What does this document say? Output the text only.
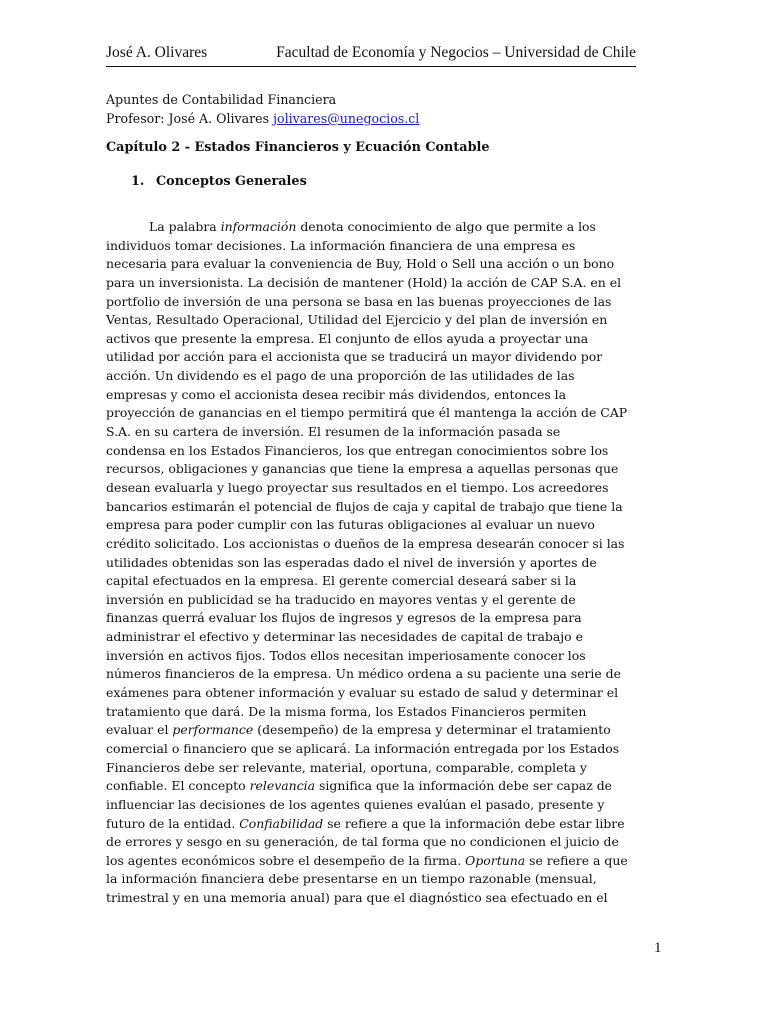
José A. Olivares	Facultad de Economía y Negocios – Universidad de Chile
Apuntes de Contabilidad Financiera
Profesor: José A. Olivares jolivares@unegocios.cl
Capítulo 2 - Estados Financieros y Ecuación Contable
1. Conceptos Generales
La palabra información denota conocimiento de algo que permite a los
individuos tomar decisiones. La información financiera de una empresa es
necesaria para evaluar la conveniencia de Buy, Hold o Sell una acción o un bono
para un inversionista. La decisión de mantener (Hold) la acción de CAP S.A. en el
portfolio de inversión de una persona se basa en las buenas proyecciones de las
Ventas, Resultado Operacional, Utilidad del Ejercicio y del plan de inversión en
activos que presente la empresa. El conjunto de ellos ayuda a proyectar una
utilidad por acción para el accionista que se traducirá un mayor dividendo por
acción. Un dividendo es el pago de una proporción de las utilidades de las
empresas y como el accionista desea recibir más dividendos, entonces la
proyección de ganancias en el tiempo permitirá que él mantenga la acción de CAP
S.A. en su cartera de inversión. El resumen de la información pasada se
condensa en los Estados Financieros, los que entregan conocimientos sobre los
recursos, obligaciones y ganancias que tiene la empresa a aquellas personas que
desean evaluarla y luego proyectar sus resultados en el tiempo. Los acreedores
bancarios estimarán el potencial de flujos de caja y capital de trabajo que tiene la
empresa para poder cumplir con las futuras obligaciones al evaluar un nuevo
crédito solicitado. Los accionistas o dueños de la empresa desearán conocer si las
utilidades obtenidas son las esperadas dado el nivel de inversión y aportes de
capital efectuados en la empresa. El gerente comercial deseará saber si la
inversión en publicidad se ha traducido en mayores ventas y el gerente de
finanzas querrá evaluar los flujos de ingresos y egresos de la empresa para
administrar el efectivo y determinar las necesidades de capital de trabajo e
inversión en activos fijos. Todos ellos necesitan imperiosamente conocer los
números financieros de la empresa. Un médico ordena a su paciente una serie de
exámenes para obtener información y evaluar su estado de salud y determinar el
tratamiento que dará. De la misma forma, los Estados Financieros permiten
evaluar el performance (desempeño) de la empresa y determinar el tratamiento
comercial o financiero que se aplicará. La información entregada por los Estados
Financieros debe ser relevante, material, oportuna, comparable, completa y
confiable. El concepto relevancia significa que la información debe ser capaz de
influenciar las decisiones de los agentes quienes evalúan el pasado, presente y
futuro de la entidad. Confiabilidad se refiere a que la información debe estar libre
de errores y sesgo en su generación, de tal forma que no condicionen el juicio de
los agentes económicos sobre el desempeño de la firma. Oportuna se refiere a que
la información financiera debe presentarse en un tiempo razonable (mensual,
trimestral y en una memoria anual) para que el diagnóstico sea efectuado en el
1
